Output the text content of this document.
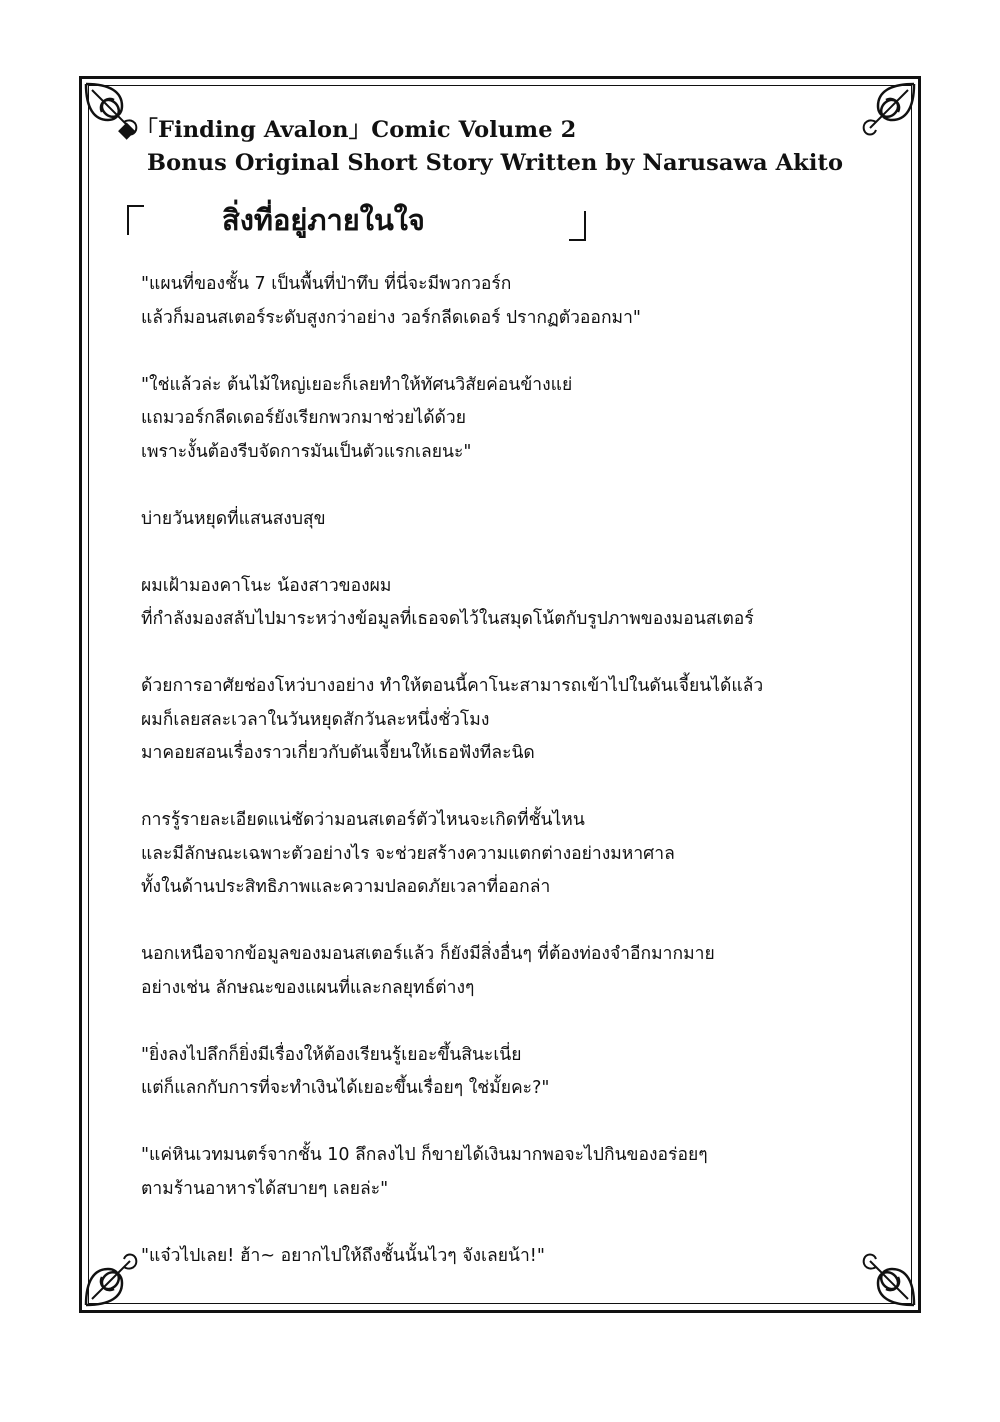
◆「Finding Avalon」Comic Volume 2
Bonus Original Short Story Written by Narusawa Akito
สิ่งที่อยู่ภายในใจ
"แผนที่ของชั้น 7 เป็นพื้นที่ป่าทึบ ที่นี่จะมีพวกวอร์ก
แล้วก็มอนสเตอร์ระดับสูงกว่าอย่าง วอร์กลีดเดอร์ ปรากฏตัวออกมา"
"ใช่แล้วล่ะ ต้นไม้ใหญ่เยอะก็เลยทำให้ทัศนวิสัยค่อนข้างแย่
แถมวอร์กลีดเดอร์ยังเรียกพวกมาช่วยได้ด้วย
เพราะงั้นต้องรีบจัดการมันเป็นตัวแรกเลยนะ"
บ่ายวันหยุดที่แสนสงบสุข
ผมเฝ้ามองคาโนะ น้องสาวของผม
ที่กำลังมองสลับไปมาระหว่างข้อมูลที่เธอจดไว้ในสมุดโน้ตกับรูปภาพของมอนสเตอร์
ด้วยการอาศัยช่องโหว่บางอย่าง ทำให้ตอนนี้คาโนะสามารถเข้าไปในดันเจี้ยนได้แล้ว
ผมก็เลยสละเวลาในวันหยุดสักวันละหนึ่งชั่วโมง
มาคอยสอนเรื่องราวเกี่ยวกับดันเจี้ยนให้เธอฟังทีละนิด
การรู้รายละเอียดแน่ชัดว่ามอนสเตอร์ตัวไหนจะเกิดที่ชั้นไหน
และมีลักษณะเฉพาะตัวอย่างไร จะช่วยสร้างความแตกต่างอย่างมหาศาล
ทั้งในด้านประสิทธิภาพและความปลอดภัยเวลาที่ออกล่า
นอกเหนือจากข้อมูลของมอนสเตอร์แล้ว ก็ยังมีสิ่งอื่นๆ ที่ต้องท่องจำอีกมากมาย
อย่างเช่น ลักษณะของแผนที่และกลยุทธ์ต่างๆ
"ยิ่งลงไปลึกก็ยิ่งมีเรื่องให้ต้องเรียนรู้เยอะขึ้นสินะเนี่ย
แต่ก็แลกกับการที่จะทำเงินได้เยอะขึ้นเรื่อยๆ ใช่มั้ยคะ?"
"แค่หินเวทมนตร์จากชั้น 10 ลึกลงไป ก็ขายได้เงินมากพอจะไปกินของอร่อยๆ
ตามร้านอาหารได้สบายๆ เลยล่ะ"
"แจ๋วไปเลย! ฮ้า~ อยากไปให้ถึงชั้นนั้นไวๆ จังเลยน้า!"
